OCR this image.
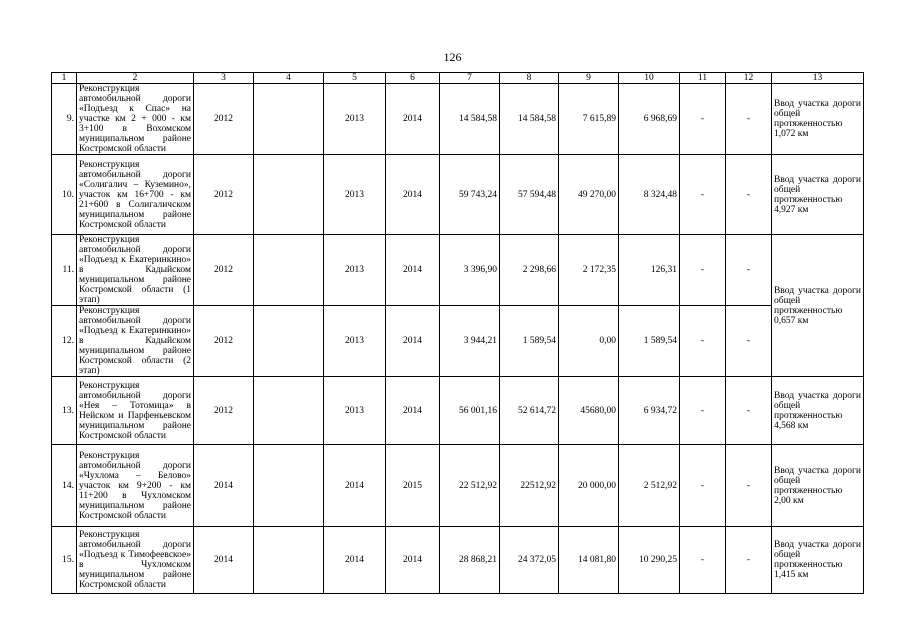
126
1	2	3	4	5	6	7	8	9	10	11	12	13
9.	Реконструкция автомобильной дороги «Подъезд к Спас» на участке км 2 + 000 - км 3+100 в Вохомском муниципальном районе Костромской области	2012		2013	2014	14 584,58	14 584,58	7 615,89	6 968,69	-	-	Ввод участка дороги общей протяженностью 1,072 км
10.	Реконструкция автомобильной дороги «Солигалич – Куземино», участок км 16+700 - км 21+600 в Солигаличском муниципальном районе Костромской области	2012		2013	2014	59 743,24	57 594,48	49 270,00	8 324,48	-	-	Ввод участка дороги общей протяженностью 4,927 км
11.	Реконструкция автомобильной дороги «Подъезд к Екатеринкино» в Кадыйском муниципальном районе Костромской области (1 этап)	2012		2013	2014	3 396,90	2 298,66	2 172,35	126,31	-	-	Ввод участка дороги общей протяженностью 0,657 км
12.	Реконструкция автомобильной дороги «Подъезд к Екатеринкино» в Кадыйском муниципальном районе Костромской области (2 этап)	2012		2013	2014	3 944,21	1 589,54	0,00	1 589,54	-	-	
13.	Реконструкция автомобильной дороги «Нея – Тотомица» в Нейском и Парфеньевском муниципальном районе Костромской области	2012		2013	2014	56 001,16	52 614,72	45680,00	6 934,72	-	-	Ввод участка дороги общей протяженностью 4,568 км
14.	Реконструкция автомобильной дороги «Чухлома – Белово» участок км 9+200 - км 11+200 в Чухломском муниципальном районе Костромской области	2014		2014	2015	22 512,92	22512,92	20 000,00	2 512,92	-	-	Ввод участка дороги общей протяженностью 2,00 км
15.	Реконструкция автомобильной дороги «Подъезд к Тимофеевское» в Чухломском муниципальном районе Костромской области	2014		2014	2014	28 868,21	24 372,05	14 081,80	10 290,25	-	-	Ввод участка дороги общей протяженностью 1,415 км
